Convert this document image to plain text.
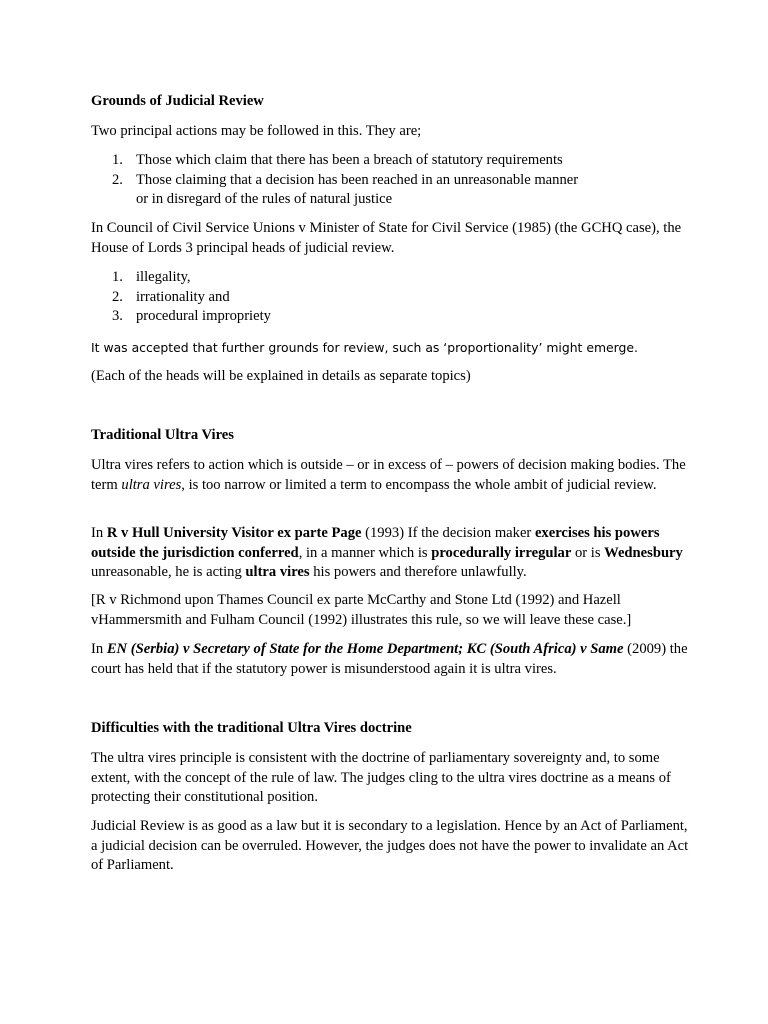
Grounds of Judicial Review

Two principal actions may be followed in this. They are;

1. Those which claim that there has been a breach of statutory requirements
2. Those claiming that a decision has been reached in an unreasonable manner or in disregard of the rules of natural justice

In Council of Civil Service Unions v Minister of State for Civil Service (1985) (the GCHQ case), the House of Lords 3 principal heads of judicial review.

1. illegality,
2. irrationality and
3. procedural impropriety

It was accepted that further grounds for review, such as ‘proportionality’ might emerge.

(Each of the heads will be explained in details as separate topics)

Traditional Ultra Vires

Ultra vires refers to action which is outside – or in excess of – powers of decision making bodies. The term ultra vires, is too narrow or limited a term to encompass the whole ambit of judicial review.

In R v Hull University Visitor ex parte Page (1993) If the decision maker exercises his powers outside the jurisdiction conferred, in a manner which is procedurally irregular or is Wednesbury unreasonable, he is acting ultra vires his powers and therefore unlawfully.

[R v Richmond upon Thames Council ex parte McCarthy and Stone Ltd (1992) and Hazell vHammersmith and Fulham Council (1992) illustrates this rule, so we will leave these case.]

In EN (Serbia) v Secretary of State for the Home Department; KC (South Africa) v Same (2009) the court has held that if the statutory power is misunderstood again it is ultra vires.

Difficulties with the traditional Ultra Vires doctrine

The ultra vires principle is consistent with the doctrine of parliamentary sovereignty and, to some extent, with the concept of the rule of law. The judges cling to the ultra vires doctrine as a means of protecting their constitutional position.

Judicial Review is as good as a law but it is secondary to a legislation. Hence by an Act of Parliament, a judicial decision can be overruled. However, the judges does not have the power to invalidate an Act of Parliament.
